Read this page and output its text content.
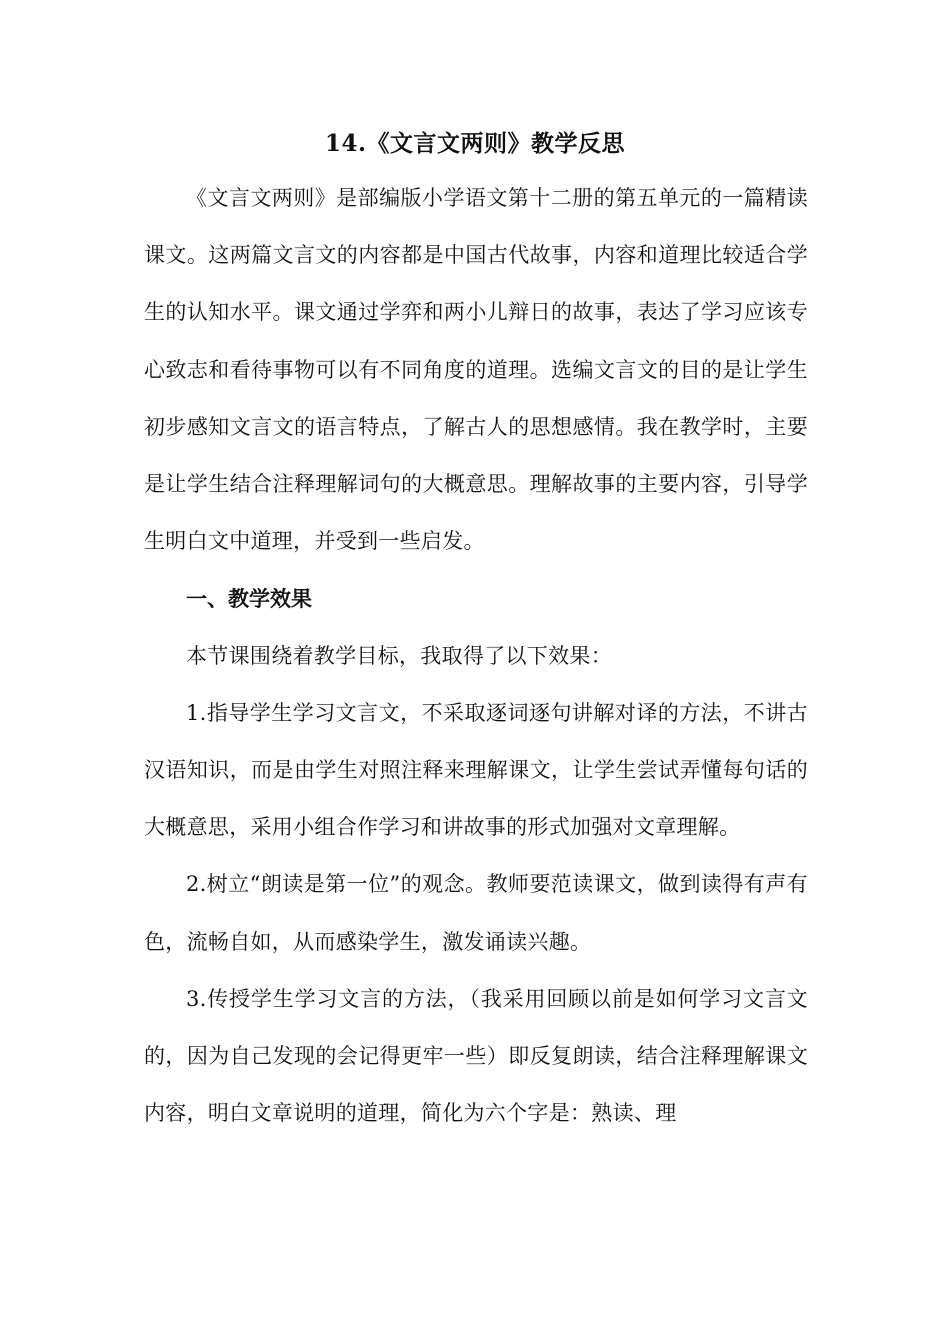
14.《文言文两则》教学反思

《文言文两则》是部编版小学语文第十二册的第五单元的一篇精读课文。这两篇文言文的内容都是中国古代故事，内容和道理比较适合学生的认知水平。课文通过学弈和两小儿辩日的故事，表达了学习应该专心致志和看待事物可以有不同角度的道理。选编文言文的目的是让学生初步感知文言文的语言特点，了解古人的思想感情。我在教学时，主要是让学生结合注释理解词句的大概意思。理解故事的主要内容，引导学生明白文中道理，并受到一些启发。

一、教学效果

本节课围绕着教学目标，我取得了以下效果：

1.指导学生学习文言文，不采取逐词逐句讲解对译的方法，不讲古汉语知识，而是由学生对照注释来理解课文，让学生尝试弄懂每句话的大概意思，采用小组合作学习和讲故事的形式加强对文章理解。

2.树立“朗读是第一位”的观念。教师要范读课文，做到读得有声有色，流畅自如，从而感染学生，激发诵读兴趣。

3.传授学生学习文言的方法，（我采用回顾以前是如何学习文言文的，因为自己发现的会记得更牢一些）即反复朗读，结合注释理解课文内容，明白文章说明的道理，简化为六个字是：熟读、理
